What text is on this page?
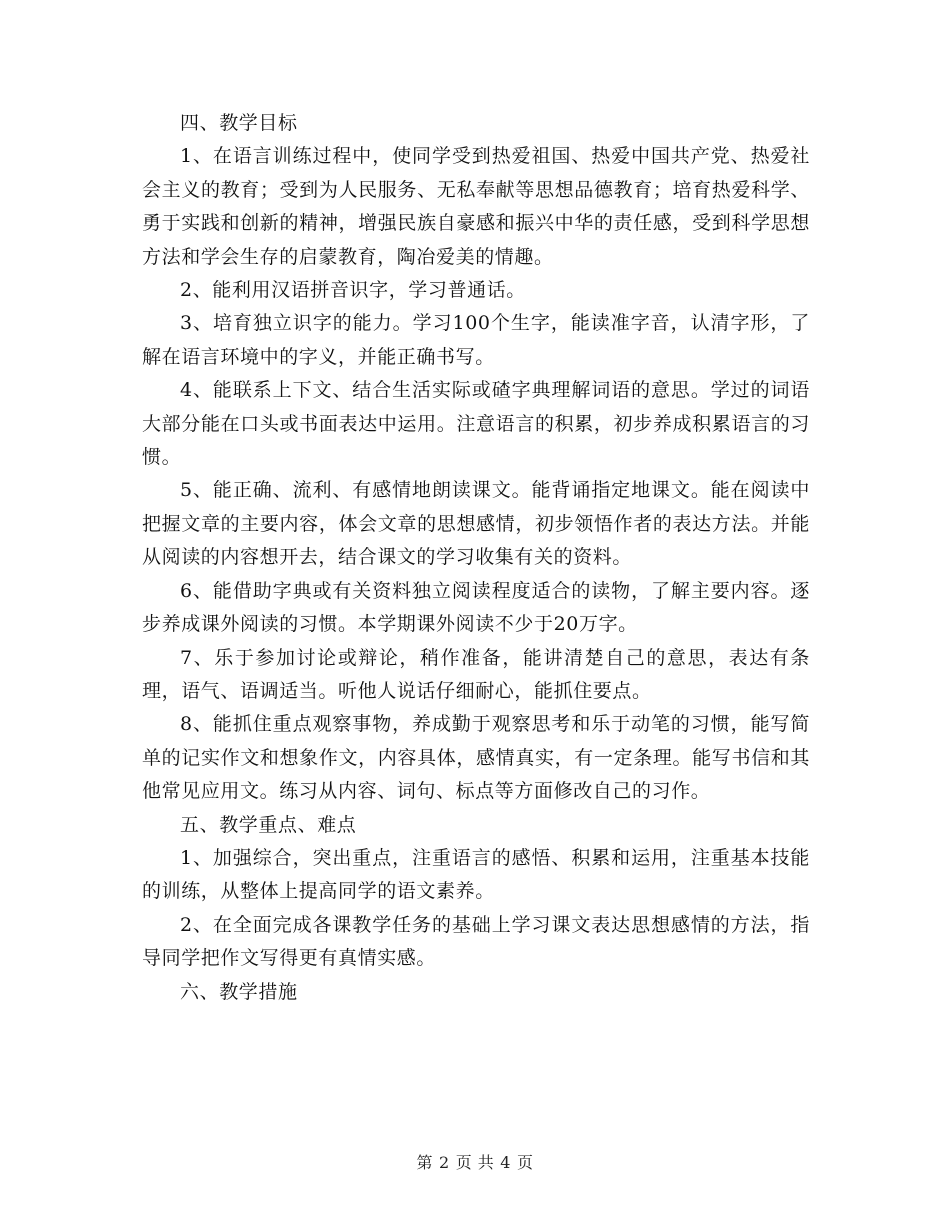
四、教学目标

1、在语言训练过程中，使同学受到热爱祖国、热爱中国共产党、热爱社会主义的教育；受到为人民服务、无私奉献等思想品德教育；培育热爱科学、勇于实践和创新的精神，增强民族自豪感和振兴中华的责任感，受到科学思想方法和学会生存的启蒙教育，陶冶爱美的情趣。

2、能利用汉语拼音识字，学习普通话。

3、培育独立识字的能力。学习100个生字，能读准字音，认清字形，了解在语言环境中的字义，并能正确书写。

4、能联系上下文、结合生活实际或碴字典理解词语的意思。学过的词语大部分能在口头或书面表达中运用。注意语言的积累，初步养成积累语言的习惯。

5、能正确、流利、有感情地朗读课文。能背诵指定地课文。能在阅读中把握文章的主要内容，体会文章的思想感情，初步领悟作者的表达方法。并能从阅读的内容想开去，结合课文的学习收集有关的资料。

6、能借助字典或有关资料独立阅读程度适合的读物，了解主要内容。逐步养成课外阅读的习惯。本学期课外阅读不少于20万字。

7、乐于参加讨论或辩论，稍作准备，能讲清楚自己的意思，表达有条理，语气、语调适当。听他人说话仔细耐心，能抓住要点。

8、能抓住重点观察事物，养成勤于观察思考和乐于动笔的习惯，能写简单的记实作文和想象作文，内容具体，感情真实，有一定条理。能写书信和其他常见应用文。练习从内容、词句、标点等方面修改自己的习作。

五、教学重点、难点

1、加强综合，突出重点，注重语言的感悟、积累和运用，注重基本技能的训练，从整体上提高同学的语文素养。

2、在全面完成各课教学任务的基础上学习课文表达思想感情的方法，指导同学把作文写得更有真情实感。

六、教学措施

第 2 页 共 4 页
